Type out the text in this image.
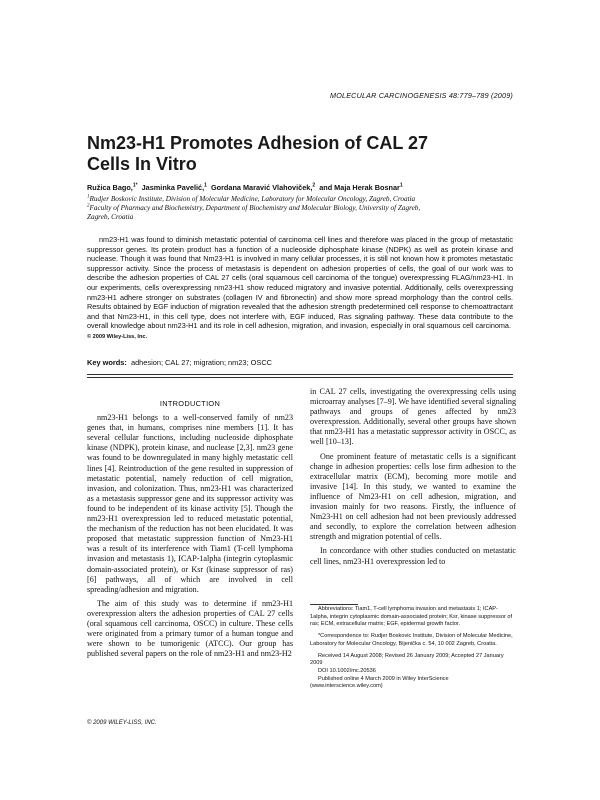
MOLECULAR CARCINOGENESIS 48:779–789 (2009)
Nm23-H1 Promotes Adhesion of CAL 27
Cells In Vitro
Ružica Bago,$^{1*}$ Jasminka Pavelić,$^1$ Gordana Maravić Vlahoviček,$^2$ and Maja Herak Bosnar$^1$
$^1$Rudjer Boskovic Institute, Division of Molecular Medicine, Laboratory for Molecular Oncology, Zagreb, Croatia
$^2$Faculty of Pharmacy and Biochemistry, Department of Biochemistry and Molecular Biology, University of Zagreb,
Zagreb, Croatia

nm23-H1 was found to diminish metastatic potential of carcinoma cell lines and therefore was placed in the group of metastatic suppressor genes. Its protein product has a function of a nucleoside diphosphate kinase (NDPK) as well as protein kinase and nuclease. Though it was found that Nm23-H1 is involved in many cellular processes, it is still not known how it promotes metastatic suppressor activity. Since the process of metastasis is dependent on adhesion properties of cells, the goal of our work was to describe the adhesion properties of CAL 27 cells (oral squamous cell carcinoma of the tongue) overexpressing FLAG/nm23-H1. In our experiments, cells overexpressing nm23-H1 show reduced migratory and invasive potential. Additionally, cells overexpressing nm23-H1 adhere stronger on substrates (collagen IV and fibronectin) and show more spread morphology than the control cells. Results obtained by EGF induction of migration revealed that the adhesion strength predetermined cell response to chemoattractant and that Nm23-H1, in this cell type, does not interfere with, EGF induced, Ras signaling pathway. These data contribute to the overall knowledge about nm23-H1 and its role in cell adhesion, migration, and invasion, especially in oral squamous cell carcinoma.  © 2009 Wiley-Liss, Inc.

Key words: adhesion; CAL 27; migration; nm23; OSCC

INTRODUCTION

nm23-H1 belongs to a well-conserved family of nm23 genes that, in humans, comprises nine members [1]. It has several cellular functions, including nucleoside diphosphate kinase (NDPK), protein kinase, and nuclease [2,3]. nm23 gene was found to be downregulated in many highly metastatic cell lines [4]. Reintroduction of the gene resulted in suppression of metastatic potential, namely reduction of cell migration, invasion, and colonization. Thus, nm23-H1 was characterized as a metastasis suppressor gene and its suppressor activity was found to be independent of its kinase activity [5]. Though the nm23-H1 overexpression led to reduced metastatic potential, the mechanism of the reduction has not been elucidated. It was proposed that metastatic suppression function of Nm23-H1 was a result of its interference with Tiam1 (T-cell lymphoma invasion and metastasis 1), ICAP-1alpha (integrin cytoplasmic domain-associated protein), or Ksr (kinase suppressor of ras) [6] pathways, all of which are involved in cell spreading/adhesion and migration.

The aim of this study was to determine if nm23-H1 overexpression alters the adhesion properties of CAL 27 cells (oral squamous cell carcinoma, OSCC) in culture. These cells were originated from a primary tumor of a human tongue and were shown to be tumorigenic (ATCC). Our group has published several papers on the role of nm23-H1 and nm23-H2

in CAL 27 cells, investigating the overexpressing cells using microarray analyses [7–9]. We have identified several signaling pathways and groups of genes affected by nm23 overexpression. Additionally, several other groups have shown that nm23-H1 has a metastatic suppressor activity in OSCC, as well [10–13].

One prominent feature of metastatic cells is a significant change in adhesion properties: cells lose firm adhesion to the extracellular matrix (ECM), becoming more motile and invasive [14]. In this study, we wanted to examine the influence of Nm23-H1 on cell adhesion, migration, and invasion mainly for two reasons. Firstly, the influence of Nm23-H1 on cell adhesion had not been previously addressed and secondly, to explore the correlation between adhesion strength and migration potential of cells.

In concordance with other studies conducted on metastatic cell lines, nm23-H1 overexpression led to

Abbreviations: Tiam1, T-cell lymphoma invasion and metastasis 1; ICAP-1alpha, integrin cytoplasmic domain-associated protein; Ksr, kinase suppressor of ras; ECM, extracellular matrix; EGF, epidermal growth factor.

*Correspondence to: Rudjer Boskovic Institute, Division of Molecular Medicine, Laboratory for Molecular Oncology, Bijenička c. 54, 10 002 Zagreb, Croatia.

Received 14 August 2008; Revised 26 January 2009; Accepted 27 January 2009

DOI 10.1002/mc.20536

Published online 4 March 2009 in Wiley InterScience (www.interscience.wiley.com)

© 2009 WILEY-LISS, INC.
